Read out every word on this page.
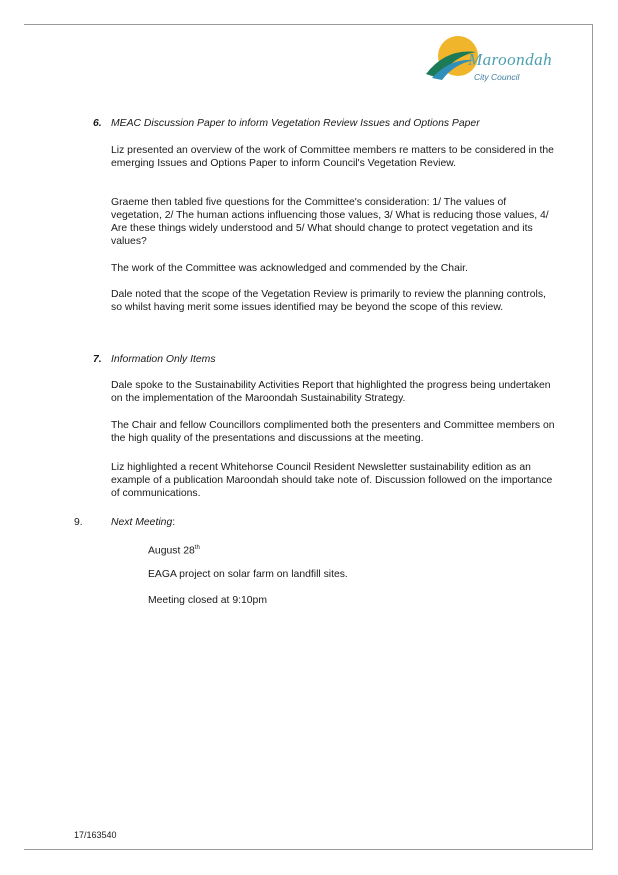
Maroondah
City Council
6. MEAC Discussion Paper to inform Vegetation Review Issues and Options Paper
Liz presented an overview of the work of Committee members re matters to be considered in the emerging Issues and Options Paper to inform Council's Vegetation Review.
Graeme then tabled five questions for the Committee's consideration: 1/ The values of vegetation, 2/ The human actions influencing those values, 3/ What is reducing those values, 4/ Are these things widely understood and 5/ What should change to protect vegetation and its values?
The work of the Committee was acknowledged and commended by the Chair.
Dale noted that the scope of the Vegetation Review is primarily to review the planning controls, so whilst having merit some issues identified may be beyond the scope of this review.
7. Information Only Items
Dale spoke to the Sustainability Activities Report that highlighted the progress being undertaken on the implementation of the Maroondah Sustainability Strategy.
The Chair and fellow Councillors complimented both the presenters and Committee members on the high quality of the presentations and discussions at the meeting.
Liz highlighted a recent Whitehorse Council Resident Newsletter sustainability edition as an example of a publication Maroondah should take note of. Discussion followed on the importance of communications.
9.	Next Meeting:
August 28th
EAGA project on solar farm on landfill sites.
Meeting closed at 9:10pm
17/163540
